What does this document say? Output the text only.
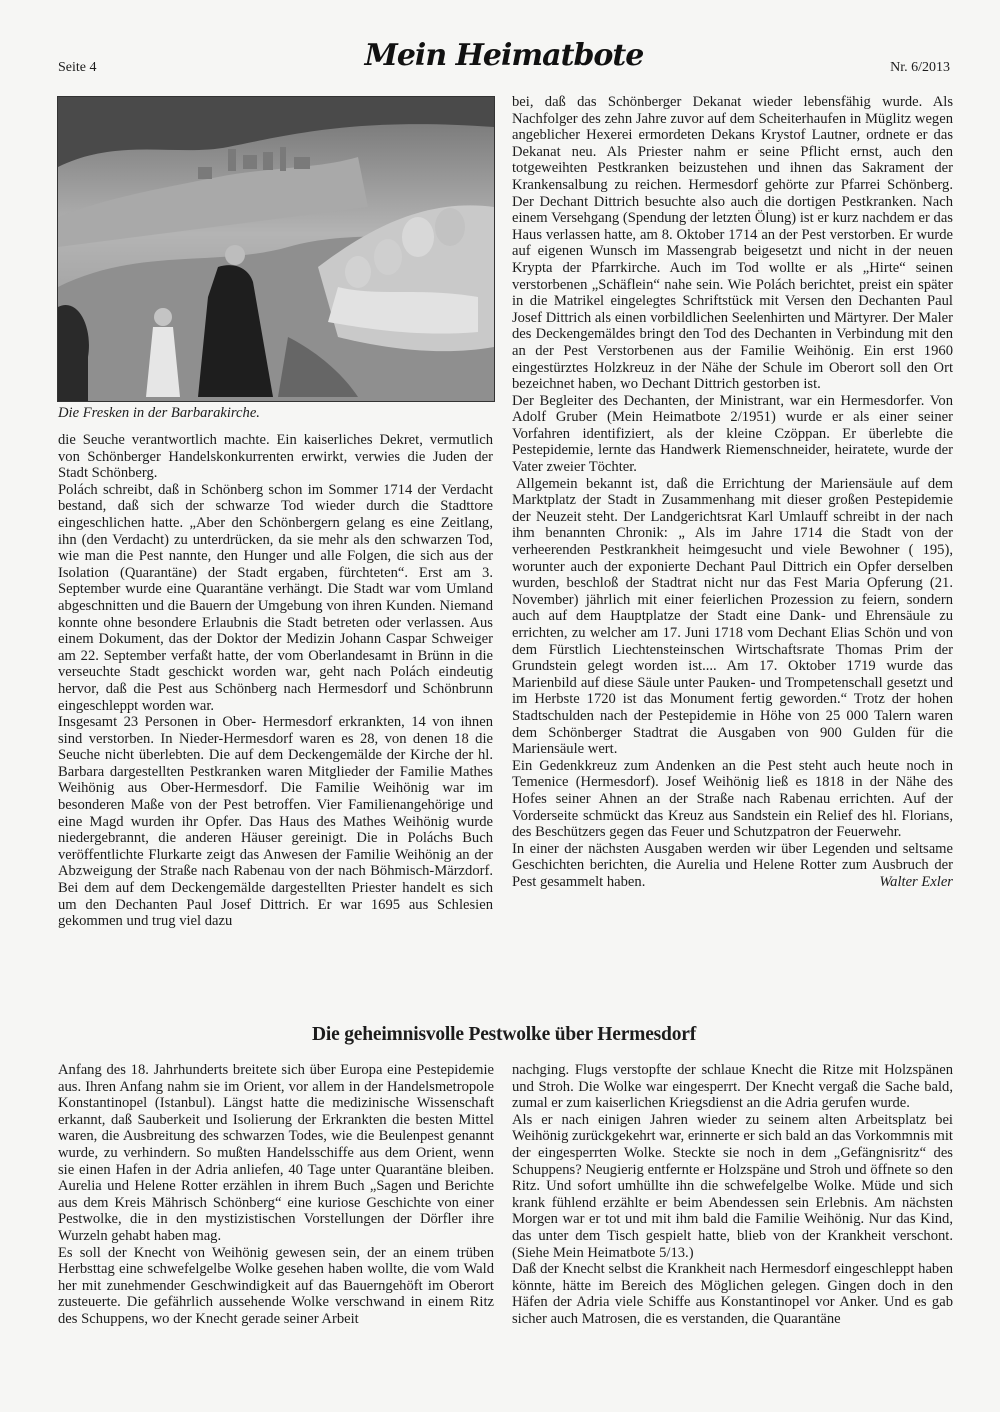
Seite 4	Mein Heimatbote	Nr. 6/2013
Die Fresken in der Barbarakirche.

die Seuche verantwortlich machte. Ein kaiserliches Dekret, vermutlich von Schönberger Handelskonkurrenten erwirkt, verwies die Juden der Stadt Schönberg.

Polách schreibt, daß in Schönberg schon im Sommer 1714 der Verdacht bestand, daß sich der schwarze Tod wieder durch die Stadttore eingeschlichen hatte. „Aber den Schönbergern gelang es eine Zeitlang, ihn (den Verdacht) zu unterdrücken, da sie mehr als den schwarzen Tod, wie man die Pest nannte, den Hunger und alle Folgen, die sich aus der Isolation (Quarantäne) der Stadt ergaben, fürchteten“. Erst am 3. September wurde eine Quarantäne verhängt. Die Stadt war vom Umland abgeschnitten und die Bauern der Umgebung von ihren Kunden. Niemand konnte ohne besondere Erlaubnis die Stadt betreten oder verlassen. Aus einem Dokument, das der Doktor der Medizin Johann Caspar Schweiger am 22. September verfaßt hatte, der vom Oberlandesamt in Brünn in die verseuchte Stadt geschickt worden war, geht nach Polách eindeutig hervor, daß die Pest aus Schönberg nach Hermesdorf und Schönbrunn eingeschleppt worden war.

Insgesamt 23 Personen in Ober- Hermesdorf erkrankten, 14 von ihnen sind verstorben. In Nieder-Hermesdorf waren es 28, von denen 18 die Seuche nicht überlebten. Die auf dem Deckengemälde der Kirche der hl. Barbara dargestellten Pestkranken waren Mitglieder der Familie Mathes Weihönig aus Ober-Hermesdorf. Die Familie Weihönig war im besonderen Maße von der Pest betroffen. Vier Familienangehörige und eine Magd wurden ihr Opfer. Das Haus des Mathes Weihönig wurde niedergebrannt, die anderen Häuser gereinigt. Die in Poláchs Buch veröffentlichte Flurkarte zeigt das Anwesen der Familie Weihönig an der Abzweigung der Straße nach Rabenau von der nach Böhmisch-Märzdorf. Bei dem auf dem Deckengemälde dargestellten Priester handelt es sich um den Dechanten Paul Josef Dittrich. Er war 1695 aus Schlesien gekommen und trug viel dazu

bei, daß das Schönberger Dekanat wieder lebensfähig wurde. Als Nachfolger des zehn Jahre zuvor auf dem Scheiterhaufen in Müglitz wegen angeblicher Hexerei ermordeten Dekans Krystof Lautner, ordnete er das Dekanat neu. Als Priester nahm er seine Pflicht ernst, auch den totgeweihten Pestkranken beizustehen und ihnen das Sakrament der Krankensalbung zu reichen. Hermesdorf gehörte zur Pfarrei Schönberg. Der Dechant Dittrich besuchte also auch die dortigen Pestkranken. Nach einem Versehgang (Spendung der letzten Ölung) ist er kurz nachdem er das Haus verlassen hatte, am 8. Oktober 1714 an der Pest verstorben. Er wurde auf eigenen Wunsch im Massengrab beigesetzt und nicht in der neuen Krypta der Pfarrkirche. Auch im Tod wollte er als „Hirte“ seinen verstorbenen „Schäflein“ nahe sein. Wie Polách berichtet, preist ein später in die Matrikel eingelegtes Schriftstück mit Versen den Dechanten Paul Josef Dittrich als einen vorbildlichen Seelenhirten und Märtyrer. Der Maler des Deckengemäldes bringt den Tod des Dechanten in Verbindung mit den an der Pest Verstorbenen aus der Familie Weihönig. Ein erst 1960 eingestürztes Holzkreuz in der Nähe der Schule im Oberort soll den Ort bezeichnet haben, wo Dechant Dittrich gestorben ist.

Der Begleiter des Dechanten, der Ministrant, war ein Hermesdorfer. Von Adolf Gruber (Mein Heimatbote 2/1951) wurde er als einer seiner Vorfahren identifiziert, als der kleine Czöppan. Er überlebte die Pestepidemie, lernte das Handwerk Riemenschneider, heiratete, wurde der Vater zweier Töchter.

Allgemein bekannt ist, daß die Errichtung der Mariensäule auf dem Marktplatz der Stadt in Zusammenhang mit dieser großen Pestepidemie der Neuzeit steht. Der Landgerichtsrat Karl Umlauff schreibt in der nach ihm benannten Chronik: „ Als im Jahre 1714 die Stadt von der verheerenden Pestkrankheit heimgesucht und viele Bewohner ( 195), worunter auch der exponierte Dechant Paul Dittrich ein Opfer derselben wurden, beschloß der Stadtrat nicht nur das Fest Maria Opferung (21. November) jährlich mit einer feierlichen Prozession zu feiern, sondern auch auf dem Hauptplatze der Stadt eine Dank- und Ehrensäule zu errichten, zu welcher am 17. Juni 1718 vom Dechant Elias Schön und von dem Fürstlich Liechtensteinschen Wirtschaftsrate Thomas Prim der Grundstein gelegt worden ist.... Am 17. Oktober 1719 wurde das Marienbild auf diese Säule unter Pauken- und Trompetenschall gesetzt und im Herbste 1720 ist das Monument fertig geworden.“ Trotz der hohen Stadtschulden nach der Pestepidemie in Höhe von 25 000 Talern waren dem Schönberger Stadtrat die Ausgaben von 900 Gulden für die Mariensäule wert.

Ein Gedenkkreuz zum Andenken an die Pest steht auch heute noch in Temenice (Hermesdorf). Josef Weihönig ließ es 1818 in der Nähe des Hofes seiner Ahnen an der Straße nach Rabenau errichten. Auf der Vorderseite schmückt das Kreuz aus Sandstein ein Relief des hl. Florians, des Beschützers gegen das Feuer und Schutzpatron der Feuerwehr.

In einer der nächsten Ausgaben werden wir über Legenden und seltsame Geschichten berichten, die Aurelia und Helene Rotter zum Ausbruch der Pest gesammelt haben.	Walter Exler

Die geheimnisvolle Pestwolke über Hermesdorf

Anfang des 18. Jahrhunderts breitete sich über Europa eine Pestepidemie aus. Ihren Anfang nahm sie im Orient, vor allem in der Handelsmetropole Konstantinopel (Istanbul). Längst hatte die medizinische Wissenschaft erkannt, daß Sauberkeit und Isolierung der Erkrankten die besten Mittel waren, die Ausbreitung des schwarzen Todes, wie die Beulenpest genannt wurde, zu verhindern. So mußten Handelsschiffe aus dem Orient, wenn sie einen Hafen in der Adria anliefen, 40 Tage unter Quarantäne bleiben. Aurelia und Helene Rotter erzählen in ihrem Buch „Sagen und Berichte aus dem Kreis Mährisch Schönberg“ eine kuriose Geschichte von einer Pestwolke, die in den mystizistischen Vorstellungen der Dörfler ihre Wurzeln gehabt haben mag.

Es soll der Knecht von Weihönig gewesen sein, der an einem trüben Herbsttag eine schwefelgelbe Wolke gesehen haben wollte, die vom Wald her mit zunehmender Geschwindigkeit auf das Bauerngehöft im Oberort zusteuerte. Die gefährlich aussehende Wolke verschwand in einem Ritz des Schuppens, wo der Knecht gerade seiner Arbeit

nachging. Flugs verstopfte der schlaue Knecht die Ritze mit Holzspänen und Stroh. Die Wolke war eingesperrt. Der Knecht vergaß die Sache bald, zumal er zum kaiserlichen Kriegsdienst an die Adria gerufen wurde.

Als er nach einigen Jahren wieder zu seinem alten Arbeitsplatz bei Weihönig zurückgekehrt war, erinnerte er sich bald an das Vorkommnis mit der eingesperrten Wolke. Steckte sie noch in dem „Gefängnisritz“ des Schuppens? Neugierig entfernte er Holzspäne und Stroh und öffnete so den Ritz. Und sofort umhüllte ihn die schwefelgelbe Wolke. Müde und sich krank fühlend erzählte er beim Abendessen sein Erlebnis. Am nächsten Morgen war er tot und mit ihm bald die Familie Weihönig. Nur das Kind, das unter dem Tisch gespielt hatte, blieb von der Krankheit verschont. (Siehe Mein Heimatbote 5/13.)

Daß der Knecht selbst die Krankheit nach Hermesdorf eingeschleppt haben könnte, hätte im Bereich des Möglichen gelegen. Gingen doch in den Häfen der Adria viele Schiffe aus Konstantinopel vor Anker. Und es gab sicher auch Matrosen, die es verstanden, die Quarantäne
